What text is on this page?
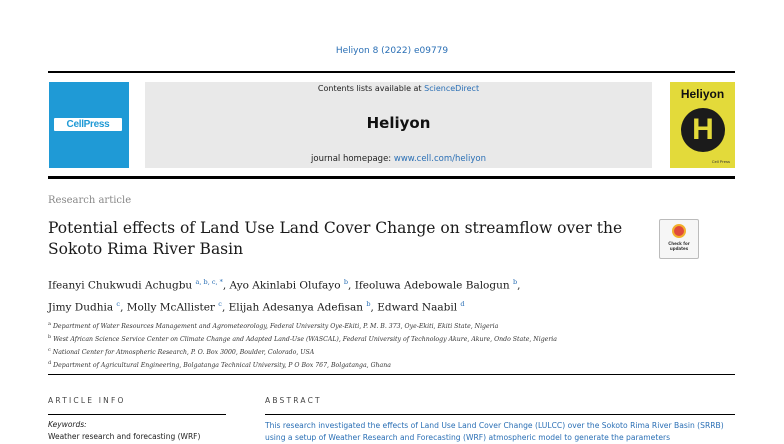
Heliyon 8 (2022) e09779
CellPress
Contents lists available at ScienceDirect
Heliyon
journal homepage: www.cell.com/heliyon
Heliyon
H
Cell Press
Research article
Potential effects of Land Use Land Cover Change on streamflow over the Sokoto Rima River Basin	Check for
updates
Ifeanyi Chukwudi Achugbu $^{a, b, c, *}$, Ayo Akinlabi Olufayo $^b$, Ifeoluwa Adebowale Balogun $^b$,
Jimy Dudhia $^c$, Molly McAllister $^c$, Elijah Adesanya Adefisan $^b$, Edward Naabil $^d$
$^a$ Department of Water Resources Management and Agrometeorology, Federal University Oye-Ekiti, P. M. B. 373, Oye-Ekiti, Ekiti State, Nigeria
$^b$ West African Science Service Center on Climate Change and Adapted Land-Use (WASCAL), Federal University of Technology Akure, Akure, Ondo State, Nigeria
$^c$ National Center for Atmospheric Research, P. O. Box 3000, Boulder, Colorado, USA
$^d$ Department of Agricultural Engineering, Bolgatanga Technical University, P O Box 767, Bolgatanga, Ghana
ARTICLE INFO	ABSTRACT
Keywords:
Weather research and forecasting (WRF)
This research investigated the effects of Land Use Land Cover Change (LULCC) over the Sokoto Rima River Basin (SRRB) using a setup of Weather Research and Forecasting (WRF) atmospheric model to generate the parameters
